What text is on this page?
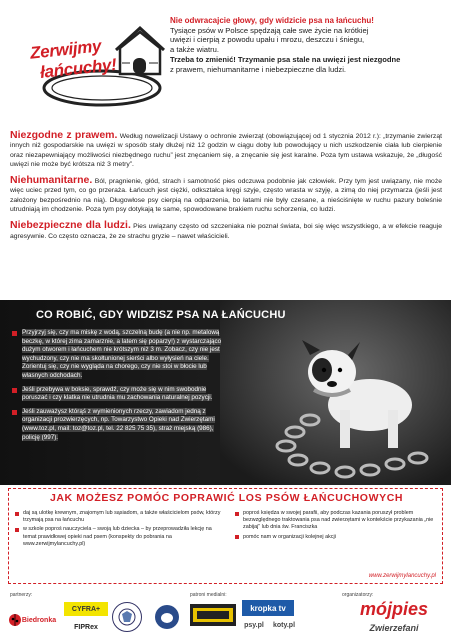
Zerwijmy
łańcuchy!
Nie odwracajcie głowy, gdy widzicie psa na łańcuchu!
Tysiące psów w Polsce spędzają całe swe życie na krótkiej
uwięzi i cierpią z powodu upału i mrozu, deszczu i śniegu,
a także wiatru.
Trzeba to zmienić! Trzymanie psa stale na uwięzi jest niezgodne
z prawem, niehumanitarne i niebezpieczne dla ludzi.
Niezgodne z prawem. Według nowelizacji Ustawy o ochronie zwierząt (obowiązującej od 1 stycznia 2012 r.): „trzymanie zwierząt innych niż gospodarskie na uwięzi w sposób stały dłużej niż 12 godzin w ciągu doby lub powodujący u nich uszkodzenie ciała lub cierpienie oraz niezapewniający możliwości niezbędnego ruchu” jest znęcaniem się, a znęcanie się jest karalne. Poza tym ustawa wskazuje, że „długość uwięzi nie może być krótsza niż 3 metry”.
Niehumanitarne. Ból, pragnienie, głód, strach i samotność pies odczuwa podobnie jak człowiek. Przy tym jest uwiązany, nie może więc uciec przed tym, co go przeraża. Łańcuch jest ciężki, odkształca kręgi szyje, często wrasta w szyję, a zimą do niej przymarza (jeśli jest założony bezpośrednio na nią). Długowłose psy cierpią na odparzenia, bo łatami nie były czesane, a nieściśnięte w ruchu pazury boleśnie utrudniają im chodzenie. Poza tym psy dotykają te same, spowodowane brakiem ruchu schorzenia, co ludzi.
Niebezpieczne dla ludzi. Pies uwiązany często od szczeniaka nie poznał świata, boi się więc wszystkiego, a w efekcie reaguje agresywnie. Co często oznacza, że ze strachu gryzie – nawet właścicieli.
CO ROBIĆ, GDY WIDZISZ PSA NA ŁAŃCUCHU
Przyjrzyj się, czy ma miskę z wodą, szczelną budę (a nie np. metalową beczkę, w której zima zamarznie, a latem się poparzy!) z wystarczająco dużym otworem i łańcuchem nie krótszym niż 3 m. Zobacz, czy nie jest wychudzony, czy nie ma skołtunionej sierści albo wyłysień na ciele. Zorientuj się, czy nie wygląda na chorego, czy nie stoi w błocie lub własnych odchodach.
Jeśli przebywa w boksie, sprawdź, czy może się w nim swobodnie poruszać i czy klatka nie utrudnia mu zachowania naturalnej pozycji.
Jeśli zauważysz którąś z wymienionych rzeczy, zawiadom jedną z organizacji prozwierzęcych, np. Towarzystwo Opieki nad Zwierzętami (www.toz.pl, mail: toz@toz.pl, tel. 22 825 75 35), straż miejską (986), policję (997).
JAK MOŻESZ POMÓC POPRAWIĆ LOS PSÓW ŁAŃCUCHOWYCH
daj są ulotkę krewnym, znajomym lub sąsiadom, a także właścicielom psów, którzy trzymają psa na łańcuchu
w szkole poproś nauczyciela – swoją lub dziecka – by przeprowadziła lekcję na temat prawidłowej opieki nad psem (konspekty do pobrania na www.zerwijmylancuchy.pl)
poproś księdza w swojej parafii, aby podczas kazania poruszył problem bezwzględnego traktowania psa nad zwierzętami w kontekście przykazania „nie zabijaj” lub dnia św. Franciszka
pomóc nam w organizacji kolejnej akcji
www.zerwijmylancuchy.pl
partnerzy:	patroni medialni:	organizatorzy:
Biedronka
CYFRA+
FIPRex
kropka tv
psy.pl	koty.pl
mójpies
Zwierzefani
